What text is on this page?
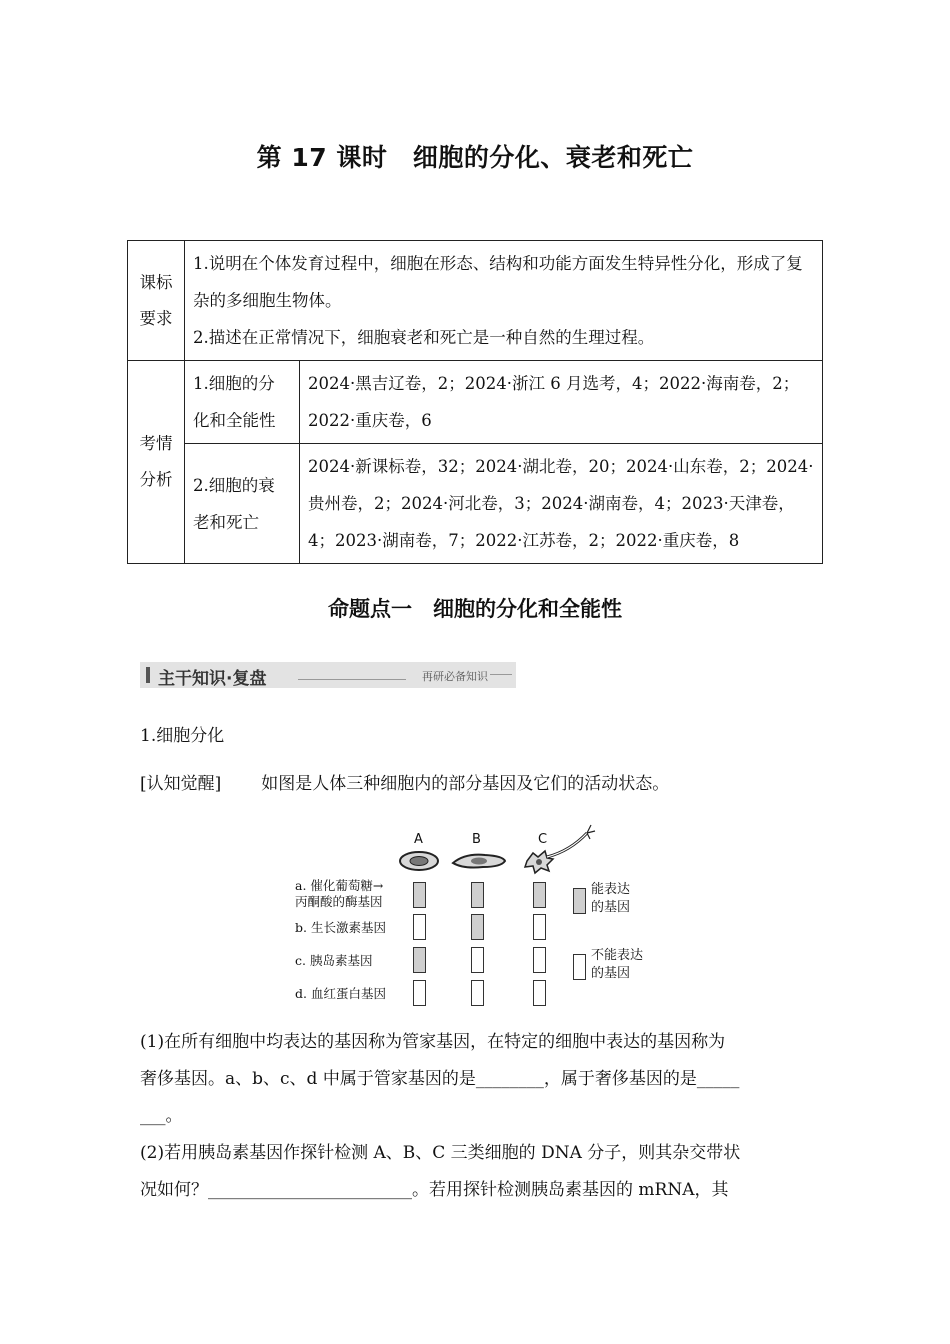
第 17 课时　细胞的分化、衰老和死亡
课标要求	1.说明在个体发育过程中，细胞在形态、结构和功能方面发生特异性分化，形成了复杂的多细胞生物体。
2.描述在正常情况下，细胞衰老和死亡是一种自然的生理过程。	

考情分析	1.细胞的分化和全能性	2024·黑吉辽卷，2；2024·浙江 6 月选考，4；2022·海南卷，2；2022·重庆卷，6
	2.细胞的衰老和死亡	2024·新课标卷，32；2024·湖北卷，20；2024·山东卷，2；2024·贵州卷，2；2024·河北卷，3；2024·湖南卷，4；2023·天津卷，4；2023·湖南卷，7；2022·江苏卷，2；2022·重庆卷，8
命题点一　细胞的分化和全能性
主干知识·复盘	再研必备知识
1.细胞分化
[认知觉醒] 如图是人体三种细胞内的部分基因及它们的活动状态。
A	B	C
a. 催化葡萄糖→
丙酮酸的酶基因
b. 生长激素基因
c. 胰岛素基因
d. 血红蛋白基因
能表达
的基因
不能表达
的基因
(1)在所有细胞中均表达的基因称为管家基因，在特定的细胞中表达的基因称为
奢侈基因。a、b、c、d 中属于管家基因的是________，属于奢侈基因的是_____
___。
(2)若用胰岛素基因作探针检测 A、B、C 三类细胞的 DNA 分子，则其杂交带状
况如何？________________________。若用探针检测胰岛素基因的 mRNA，其
